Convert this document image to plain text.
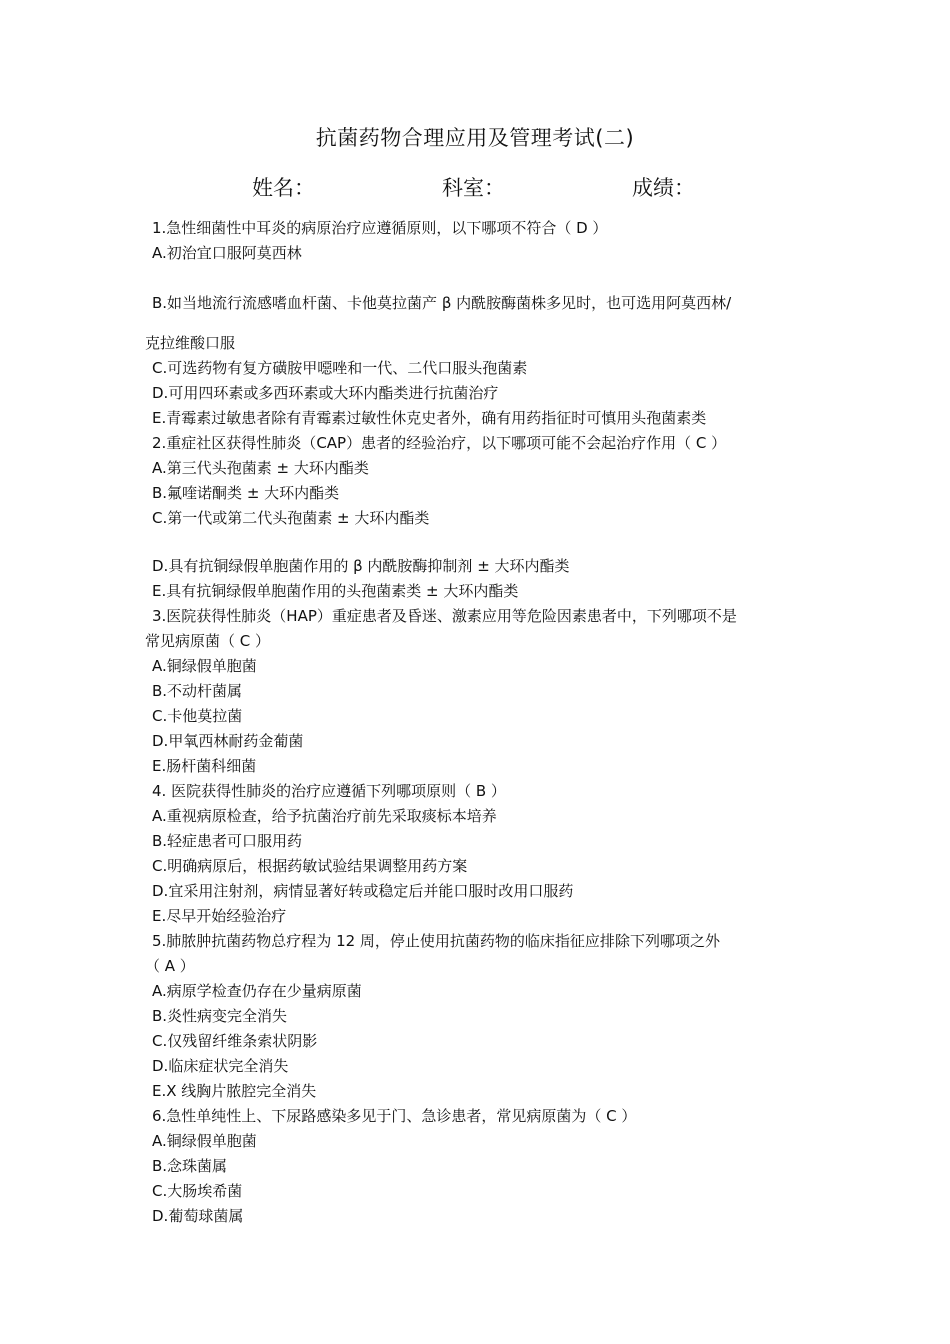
抗菌药物合理应用及管理考试(二)
姓名：	科室：	成绩：
1.急性细菌性中耳炎的病原治疗应遵循原则，以下哪项不符合（ D ）
A.初治宜口服阿莫西林
B.如当地流行流感嗜血杆菌、卡他莫拉菌产 β 内酰胺酶菌株多见时，也可选用阿莫西林/
克拉维酸口服
C.可选药物有复方磺胺甲噁唑和一代、二代口服头孢菌素
D.可用四环素或多西环素或大环内酯类进行抗菌治疗
E.青霉素过敏患者除有青霉素过敏性休克史者外，确有用药指征时可慎用头孢菌素类
2.重症社区获得性肺炎（CAP）患者的经验治疗，以下哪项可能不会起治疗作用（ C ）
A.第三代头孢菌素 ± 大环内酯类
B.氟喹诺酮类 ± 大环内酯类
C.第一代或第二代头孢菌素 ± 大环内酯类
D.具有抗铜绿假单胞菌作用的 β 内酰胺酶抑制剂 ± 大环内酯类
E.具有抗铜绿假单胞菌作用的头孢菌素类 ± 大环内酯类
3.医院获得性肺炎（HAP）重症患者及昏迷、激素应用等危险因素患者中，下列哪项不是
常见病原菌（ C ）
A.铜绿假单胞菌
B.不动杆菌属
C.卡他莫拉菌
D.甲氧西林耐药金葡菌
E.肠杆菌科细菌
4. 医院获得性肺炎的治疗应遵循下列哪项原则（ B ）
A.重视病原检查，给予抗菌治疗前先采取痰标本培养
B.轻症患者可口服用药
C.明确病原后，根据药敏试验结果调整用药方案
D.宜采用注射剂，病情显著好转或稳定后并能口服时改用口服药
E.尽早开始经验治疗
5.肺脓肿抗菌药物总疗程为 12 周，停止使用抗菌药物的临床指征应排除下列哪项之外
（ A ）
A.病原学检查仍存在少量病原菌
B.炎性病变完全消失
C.仅残留纤维条索状阴影
D.临床症状完全消失
E.X 线胸片脓腔完全消失
6.急性单纯性上、下尿路感染多见于门、急诊患者，常见病原菌为（ C ）
A.铜绿假单胞菌
B.念珠菌属
C.大肠埃希菌
D.葡萄球菌属
